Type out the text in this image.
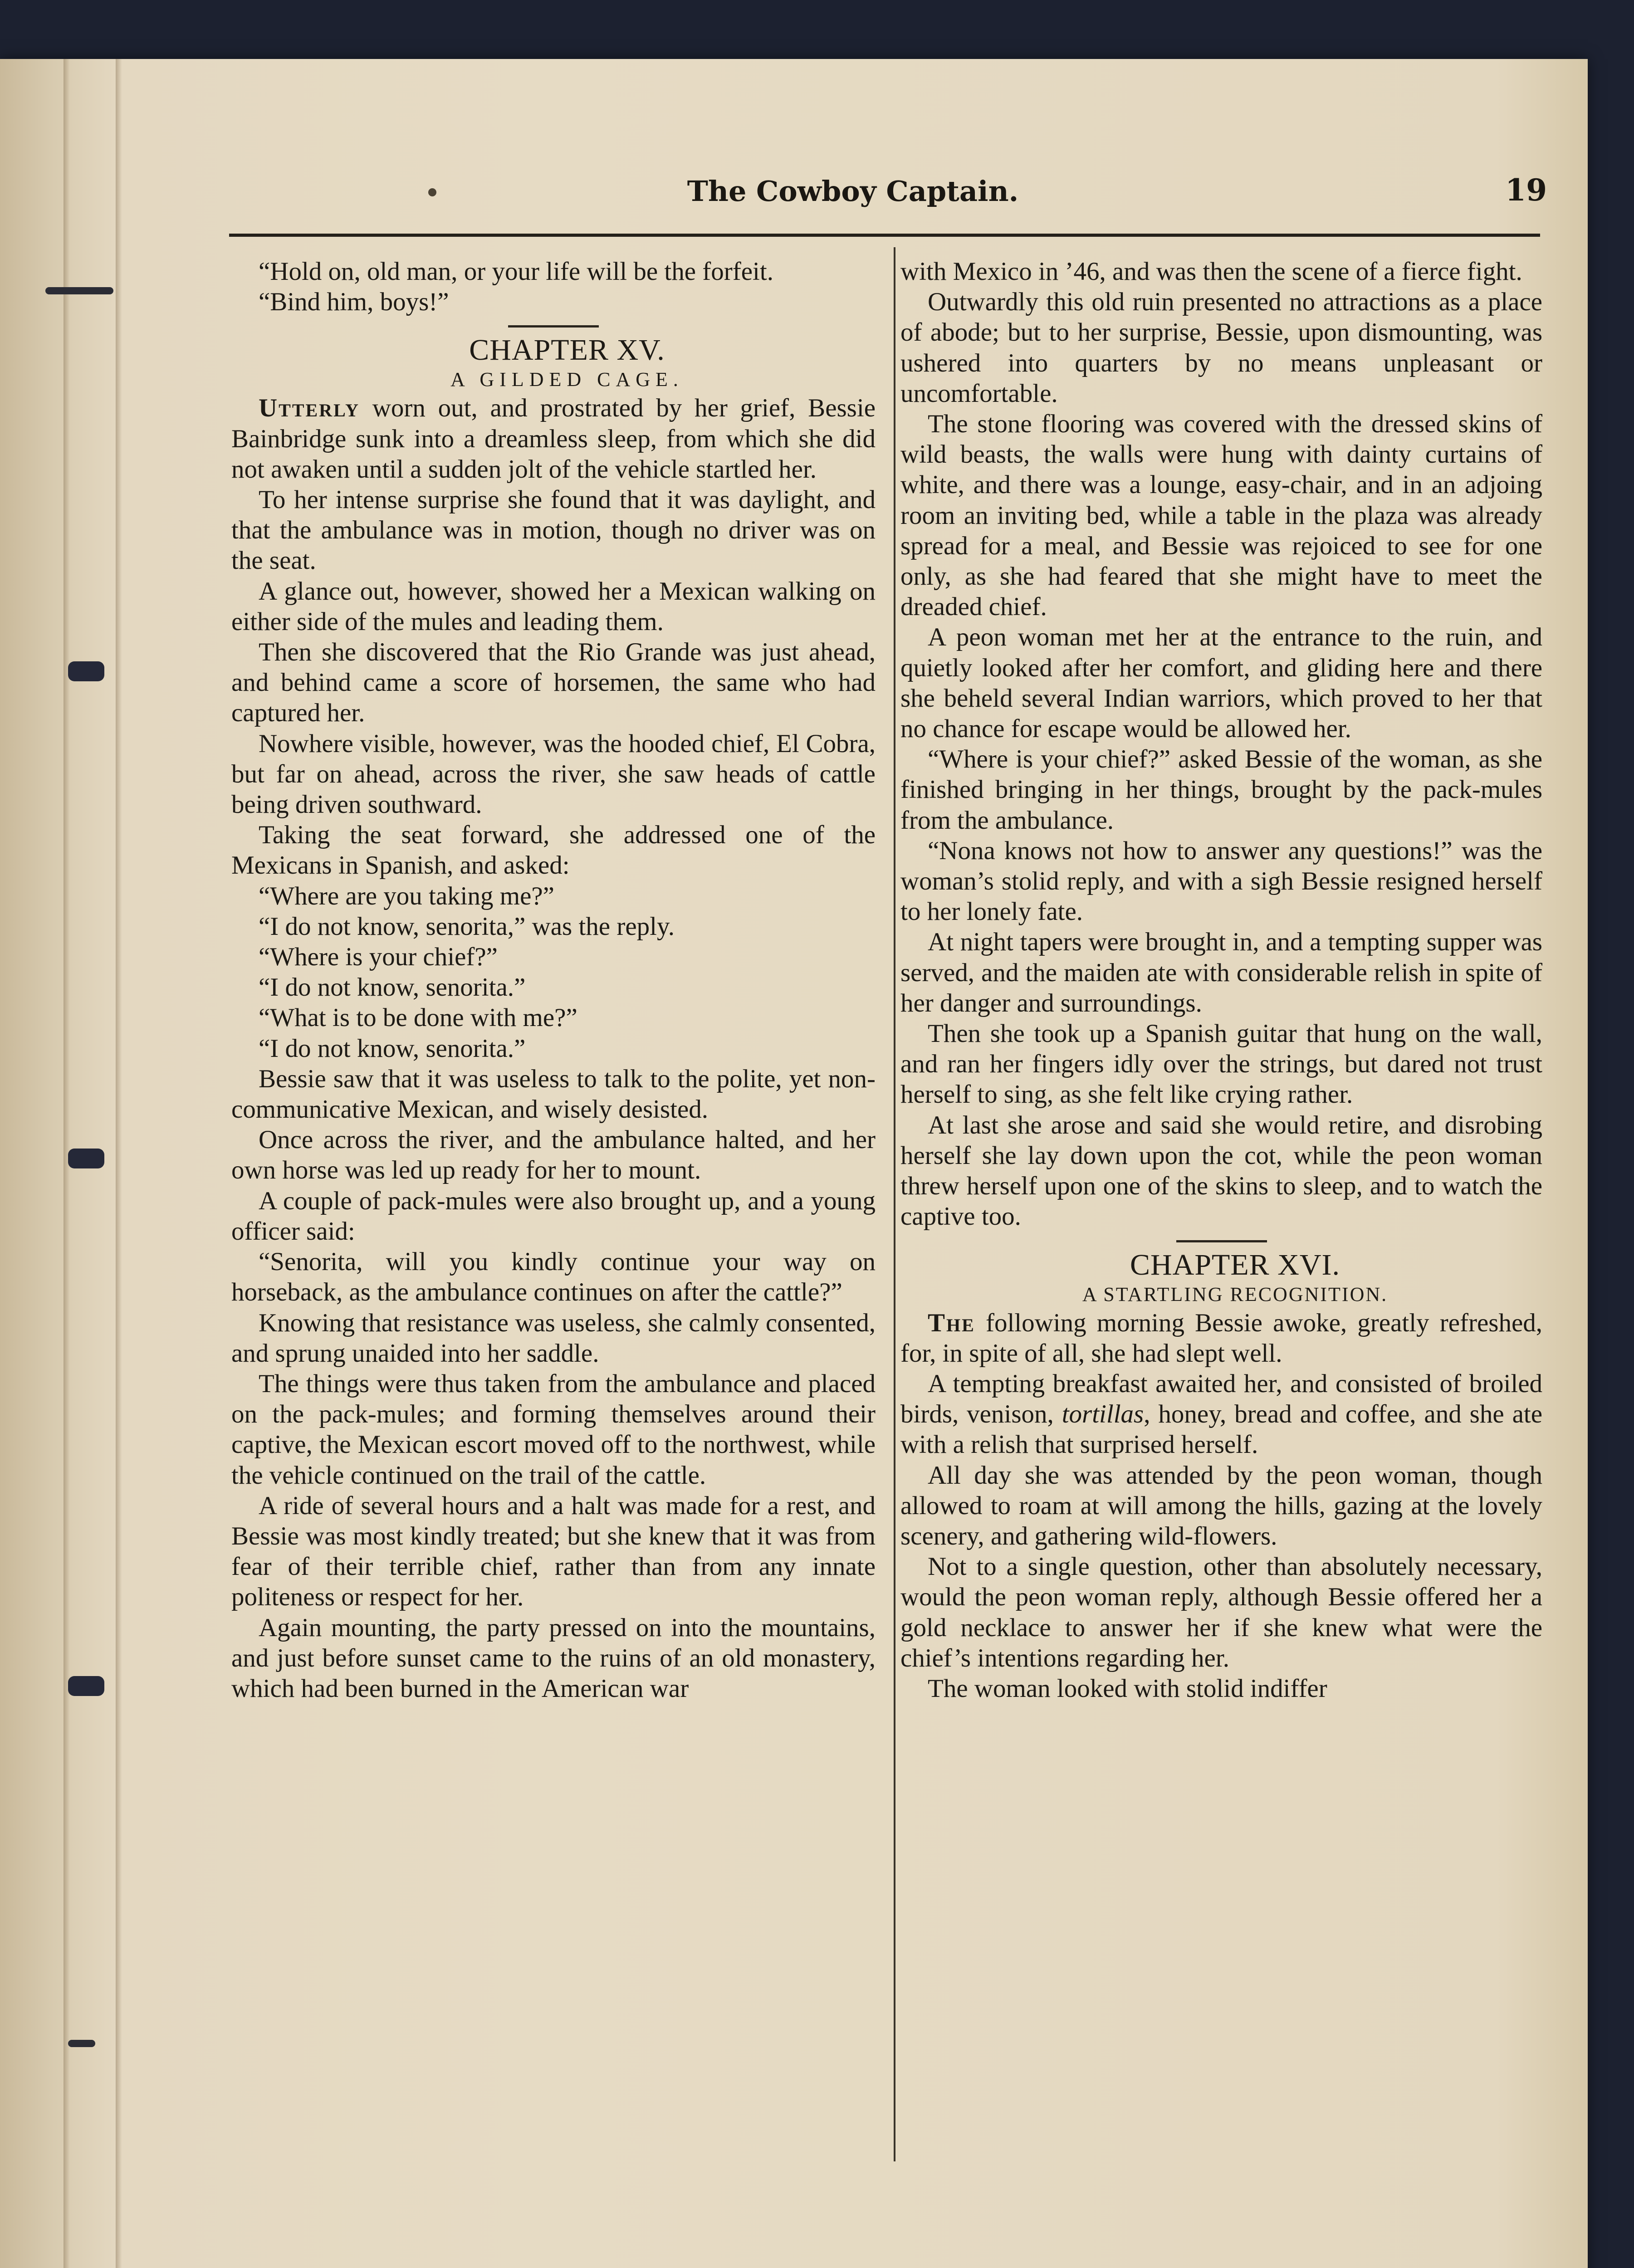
The Cowboy Captain.	19

“Hold on, old man, or your life will be the forfeit.

“Bind him, boys!”

CHAPTER XV.

A GILDED CAGE.

Utterly worn out, and prostrated by her grief, Bessie Bainbridge sunk into a dreamless sleep, from which she did not awaken until a sudden jolt of the vehicle startled her.

To her intense surprise she found that it was daylight, and that the ambulance was in motion, though no driver was on the seat.

A glance out, however, showed her a Mexican walking on either side of the mules and leading them.

Then she discovered that the Rio Grande was just ahead, and behind came a score of horsemen, the same who had captured her.

Nowhere visible, however, was the hooded chief, El Cobra, but far on ahead, across the river, she saw heads of cattle being driven southward.

Taking the seat forward, she addressed one of the Mexicans in Spanish, and asked:

“Where are you taking me?”

“I do not know, senorita,” was the reply.

“Where is your chief?”

“I do not know, senorita.”

“What is to be done with me?”

“I do not know, senorita.”

Bessie saw that it was useless to talk to the polite, yet non-communicative Mexican, and wisely desisted.

Once across the river, and the ambulance halted, and her own horse was led up ready for her to mount.

A couple of pack-mules were also brought up, and a young officer said:

“Senorita, will you kindly continue your way on horseback, as the ambulance continues on after the cattle?”

Knowing that resistance was useless, she calmly consented, and sprung unaided into her saddle.

The things were thus taken from the ambulance and placed on the pack-mules; and forming themselves around their captive, the Mexican escort moved off to the northwest, while the vehicle continued on the trail of the cattle.

A ride of several hours and a halt was made for a rest, and Bessie was most kindly treated; but she knew that it was from fear of their terrible chief, rather than from any innate politeness or respect for her.

Again mounting, the party pressed on into the mountains, and just before sunset came to the ruins of an old monastery, which had been burned in the American war

with Mexico in ’46, and was then the scene of a fierce fight.

Outwardly this old ruin presented no attractions as a place of abode; but to her surprise, Bessie, upon dismounting, was ushered into quarters by no means unpleasant or uncomfortable.

The stone flooring was covered with the dressed skins of wild beasts, the walls were hung with dainty curtains of white, and there was a lounge, easy-chair, and in an adjoing room an inviting bed, while a table in the plaza was already spread for a meal, and Bessie was rejoiced to see for one only, as she had feared that she might have to meet the dreaded chief.

A peon woman met her at the entrance to the ruin, and quietly looked after her comfort, and gliding here and there she beheld several Indian warriors, which proved to her that no chance for escape would be allowed her.

“Where is your chief?” asked Bessie of the woman, as she finished bringing in her things, brought by the pack-mules from the ambulance.

“Nona knows not how to answer any questions!” was the woman’s stolid reply, and with a sigh Bessie resigned herself to her lonely fate.

At night tapers were brought in, and a tempting supper was served, and the maiden ate with considerable relish in spite of her danger and surroundings.

Then she took up a Spanish guitar that hung on the wall, and ran her fingers idly over the strings, but dared not trust herself to sing, as she felt like crying rather.

At last she arose and said she would retire, and disrobing herself she lay down upon the cot, while the peon woman threw herself upon one of the skins to sleep, and to watch the captive too.

CHAPTER XVI.

A STARTLING RECOGNITION.

The following morning Bessie awoke, greatly refreshed, for, in spite of all, she had slept well.

A tempting breakfast awaited her, and consisted of broiled birds, venison, tortillas, honey, bread and coffee, and she ate with a relish that surprised herself.

All day she was attended by the peon woman, though allowed to roam at will among the hills, gazing at the lovely scenery, and gathering wild-flowers.

Not to a single question, other than absolutely necessary, would the peon woman reply, although Bessie offered her a gold necklace to answer her if she knew what were the chief’s intentions regarding her.

The woman looked with stolid indiffer
